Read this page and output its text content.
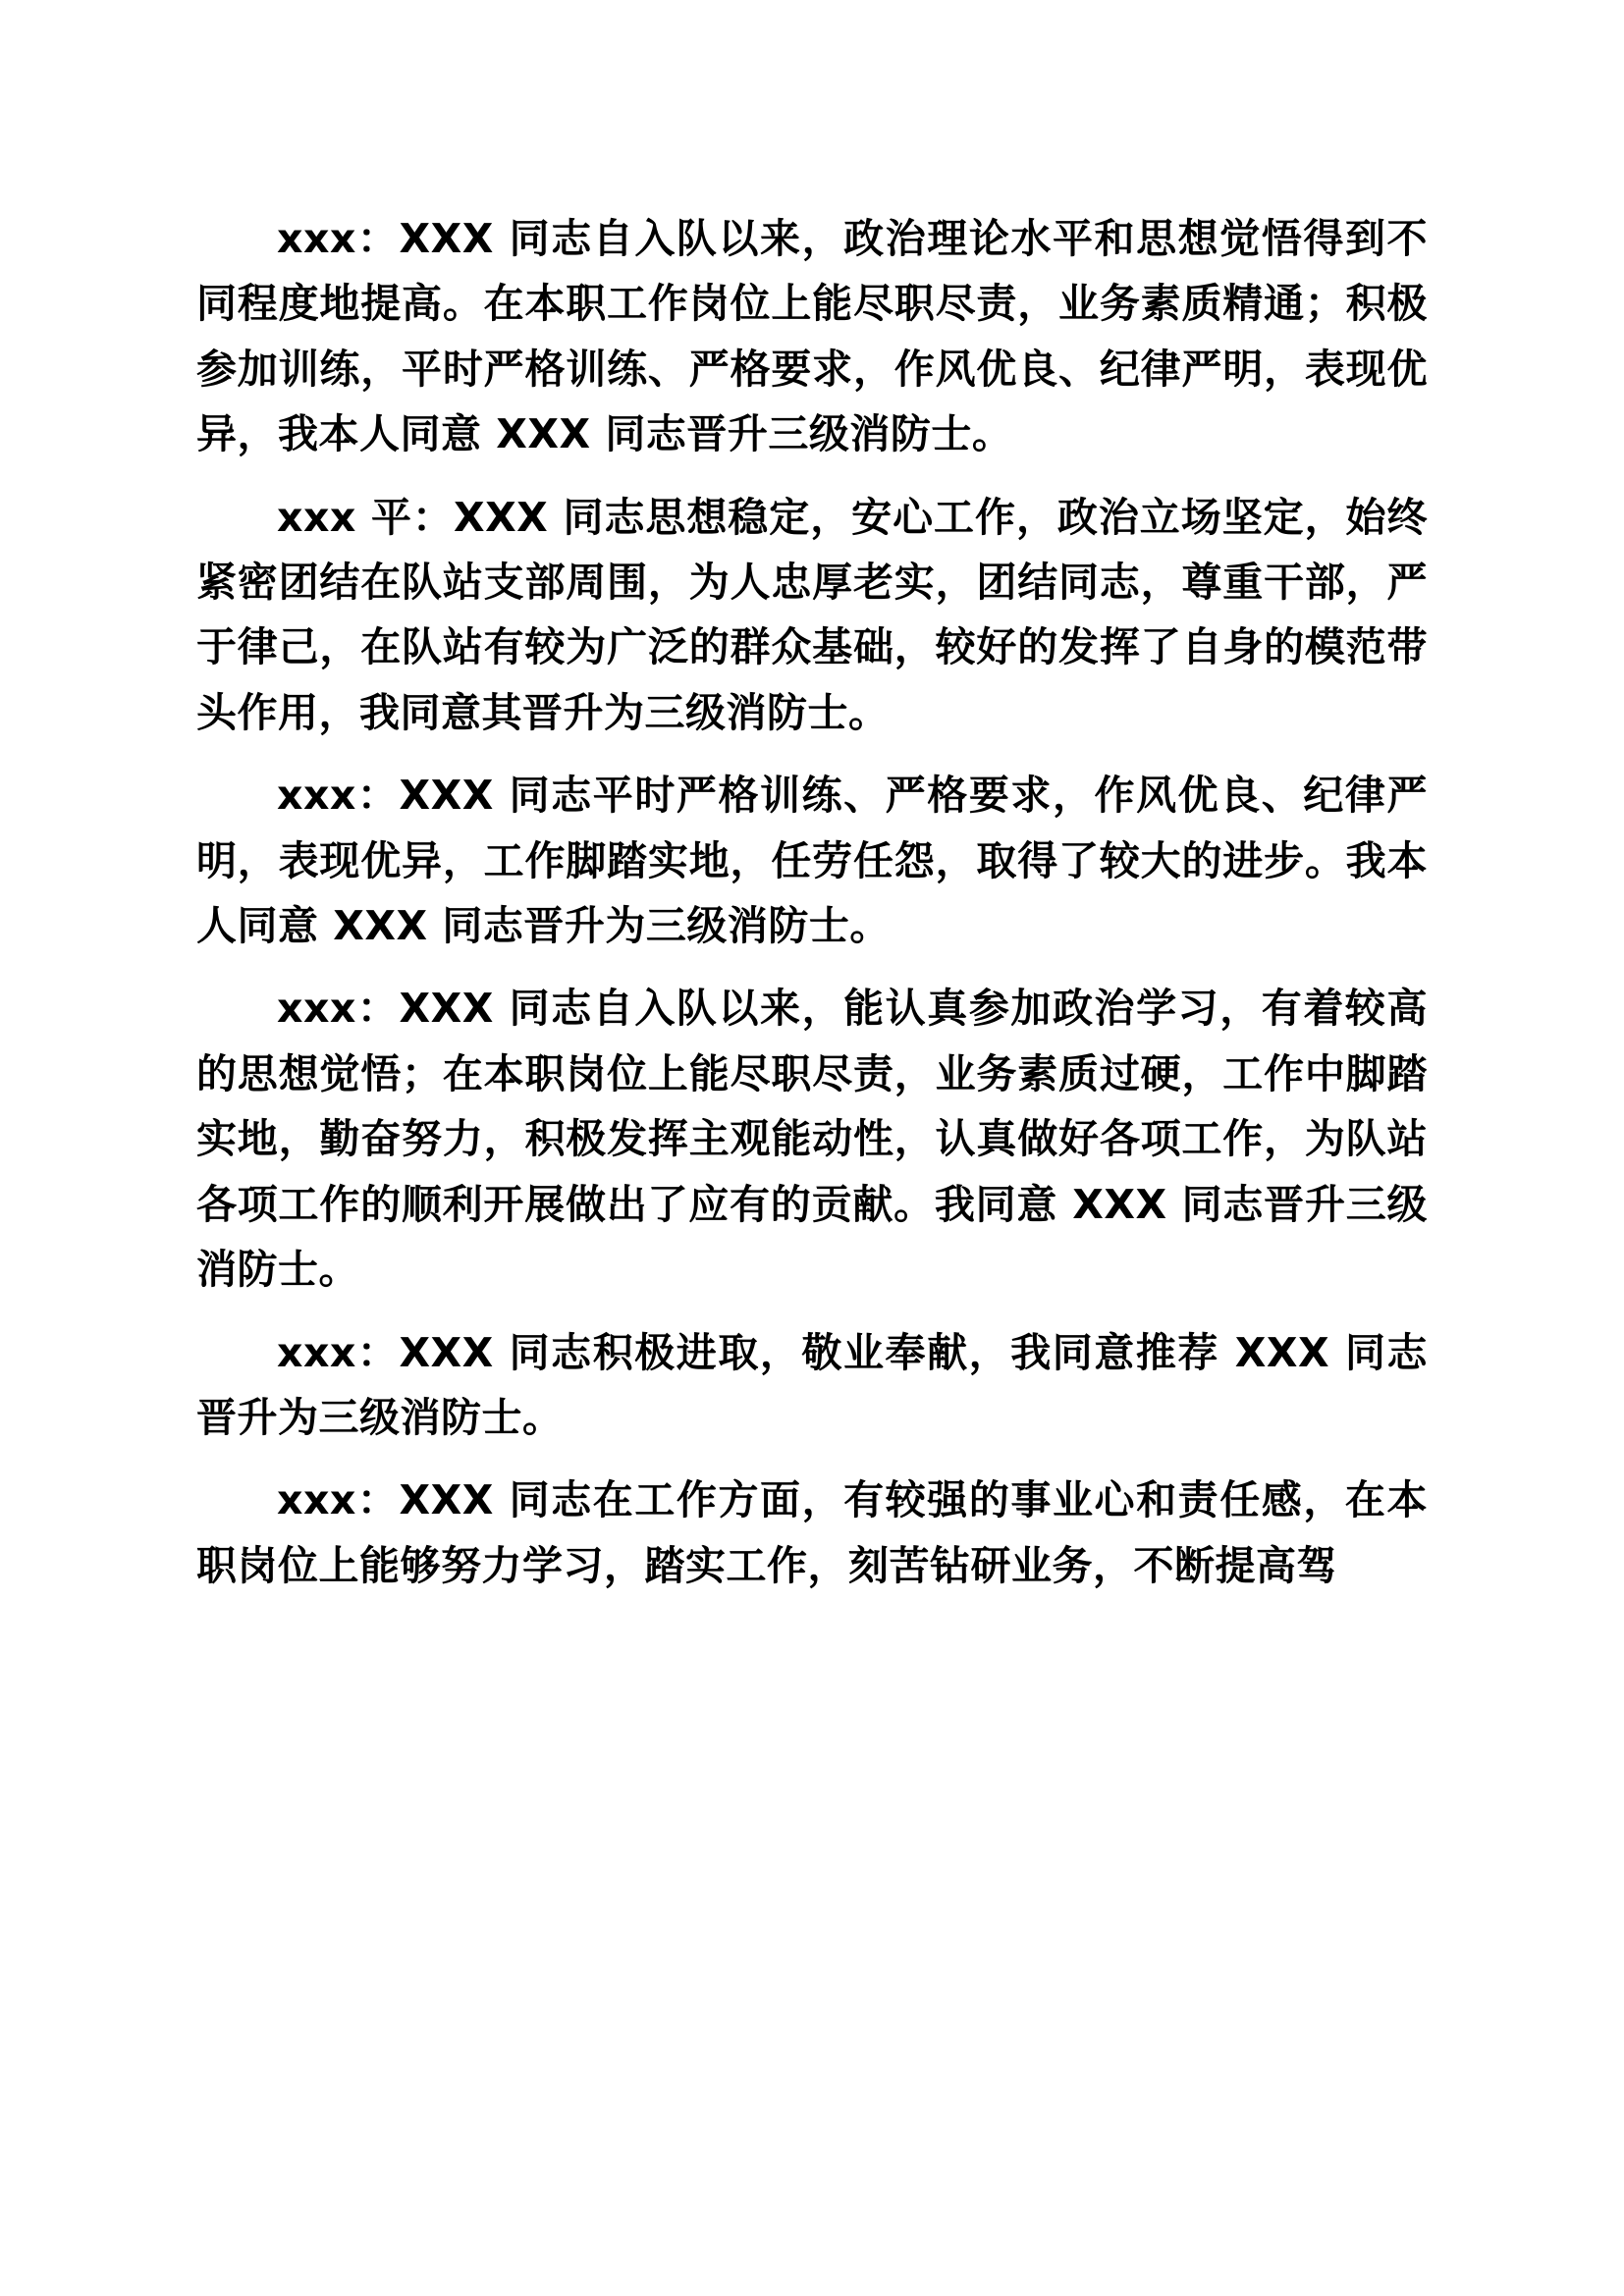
xxx：XXX 同志自入队以来，政治理论水平和思想觉悟得到不同程度地提高。在本职工作岗位上能尽职尽责，业务素质精通；积极参加训练，平时严格训练、严格要求，作风优良、纪律严明，表现优异，我本人同意 XXX 同志晋升三级消防士。

xxx 平：XXX 同志思想稳定，安心工作，政治立场坚定，始终紧密团结在队站支部周围，为人忠厚老实，团结同志，尊重干部，严于律己，在队站有较为广泛的群众基础，较好的发挥了自身的模范带头作用，我同意其晋升为三级消防士。

xxx：XXX 同志平时严格训练、严格要求，作风优良、纪律严明，表现优异，工作脚踏实地，任劳任怨，取得了较大的进步。我本人同意 XXX 同志晋升为三级消防士。

xxx：XXX 同志自入队以来，能认真参加政治学习，有着较高的思想觉悟；在本职岗位上能尽职尽责，业务素质过硬，工作中脚踏实地，勤奋努力，积极发挥主观能动性，认真做好各项工作，为队站各项工作的顺利开展做出了应有的贡献。我同意 XXX 同志晋升三级消防士。

xxx：XXX 同志积极进取，敬业奉献，我同意推荐 XXX 同志晋升为三级消防士。

xxx：XXX 同志在工作方面，有较强的事业心和责任感，在本职岗位上能够努力学习，踏实工作，刻苦钻研业务，不断提高驾
